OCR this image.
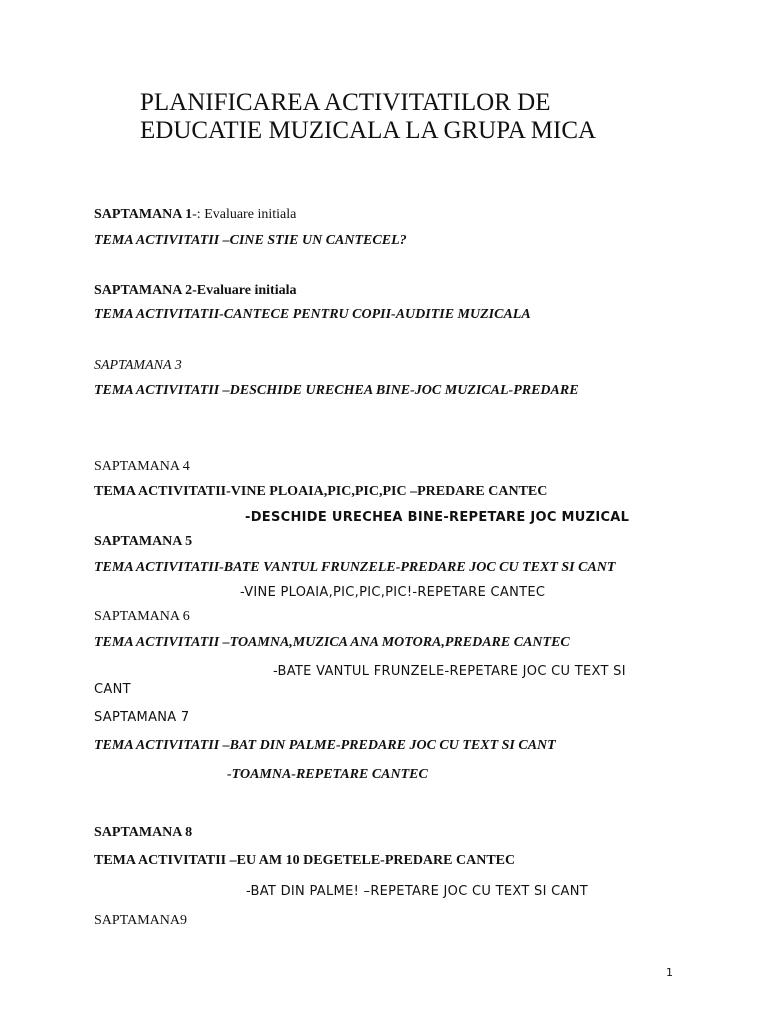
PLANIFICAREA ACTIVITATILOR DE
EDUCATIE MUZICALA LA GRUPA MICA
SAPTAMANA 1-: Evaluare initiala
TEMA ACTIVITATII –CINE STIE UN CANTECEL?
SAPTAMANA 2-Evaluare initiala
TEMA ACTIVITATII-CANTECE PENTRU COPII-AUDITIE MUZICALA
SAPTAMANA 3
TEMA ACTIVITATII –DESCHIDE URECHEA BINE-JOC MUZICAL-PREDARE
SAPTAMANA 4
TEMA ACTIVITATII-VINE PLOAIA,PIC,PIC,PIC –PREDARE CANTEC
-DESCHIDE URECHEA BINE-REPETARE JOC MUZICAL
SAPTAMANA 5
TEMA ACTIVITATII-BATE VANTUL FRUNZELE-PREDARE JOC CU TEXT SI CANT
-VINE PLOAIA,PIC,PIC,PIC!-REPETARE CANTEC
SAPTAMANA 6
TEMA ACTIVITATII –TOAMNA,MUZICA ANA MOTORA,PREDARE CANTEC
-BATE VANTUL FRUNZELE-REPETARE JOC CU TEXT SI
CANT
SAPTAMANA 7
TEMA ACTIVITATII –BAT DIN PALME-PREDARE JOC CU TEXT SI CANT
-TOAMNA-REPETARE CANTEC
SAPTAMANA 8
TEMA ACTIVITATII –EU AM 10 DEGETELE-PREDARE CANTEC
-BAT DIN PALME! –REPETARE JOC CU TEXT SI CANT
SAPTAMANA9
1
